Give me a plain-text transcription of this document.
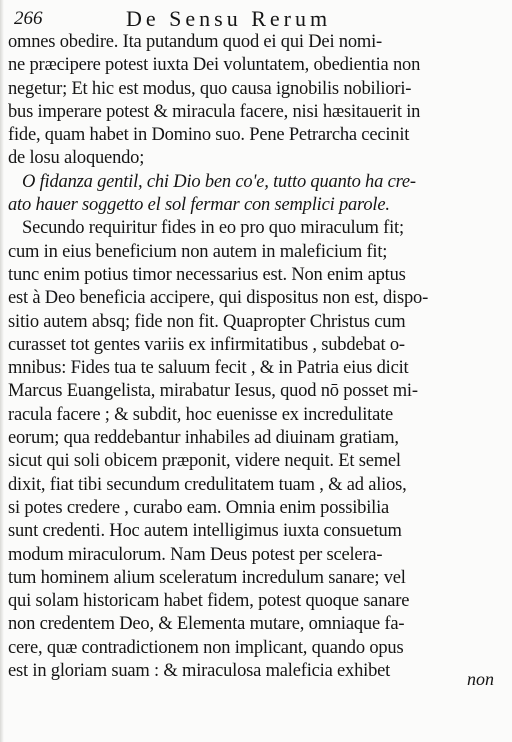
266	De Sensu Rerum
omnes obedire. Ita putandum quod ei qui Dei nomi-
ne præcipere potest iuxta Dei voluntatem, obedientia non
negetur; Et hic est modus, quo causa ignobilis nobiliori-
bus imperare potest & miracula facere, nisi hæsitauerit in
fide, quam habet in Domino suo. Pene Petrarcha cecinit
de losu aloquendo;
O fidanza gentil, chi Dio ben co'e, tutto quanto ha cre-
ato hauer soggetto el sol fermar con semplici parole.
Secundo requiritur fides in eo pro quo miraculum fit;
cum in eius beneficium non autem in maleficium fit;
tunc enim potius timor necessarius est. Non enim aptus
est à Deo beneficia accipere, qui dispositus non est, dispo-
sitio autem absq; fide non fit. Quapropter Christus cum
curasset tot gentes variis ex infirmitatibus , subdebat o-
mnibus: Fides tua te saluum fecit , & in Patria eius dicit
Marcus Euangelista, mirabatur Iesus, quod nō posset mi-
racula facere ; & subdit, hoc euenisse ex incredulitate
eorum; qua reddebantur inhabiles ad diuinam gratiam,
sicut qui soli obicem præponit, videre nequit. Et semel
dixit, fiat tibi secundum credulitatem tuam , & ad alios,
si potes credere , curabo eam. Omnia enim possibilia
sunt credenti. Hoc autem intelligimus iuxta consuetum
modum miraculorum. Nam Deus potest per scelera-
tum hominem alium sceleratum incredulum sanare; vel
qui solam historicam habet fidem, potest quoque sanare
non credentem Deo, & Elementa mutare, omniaque fa-
cere, quæ contradictionem non implicant, quando opus
est in gloriam suam : & miraculosa maleficia exhibet	non
